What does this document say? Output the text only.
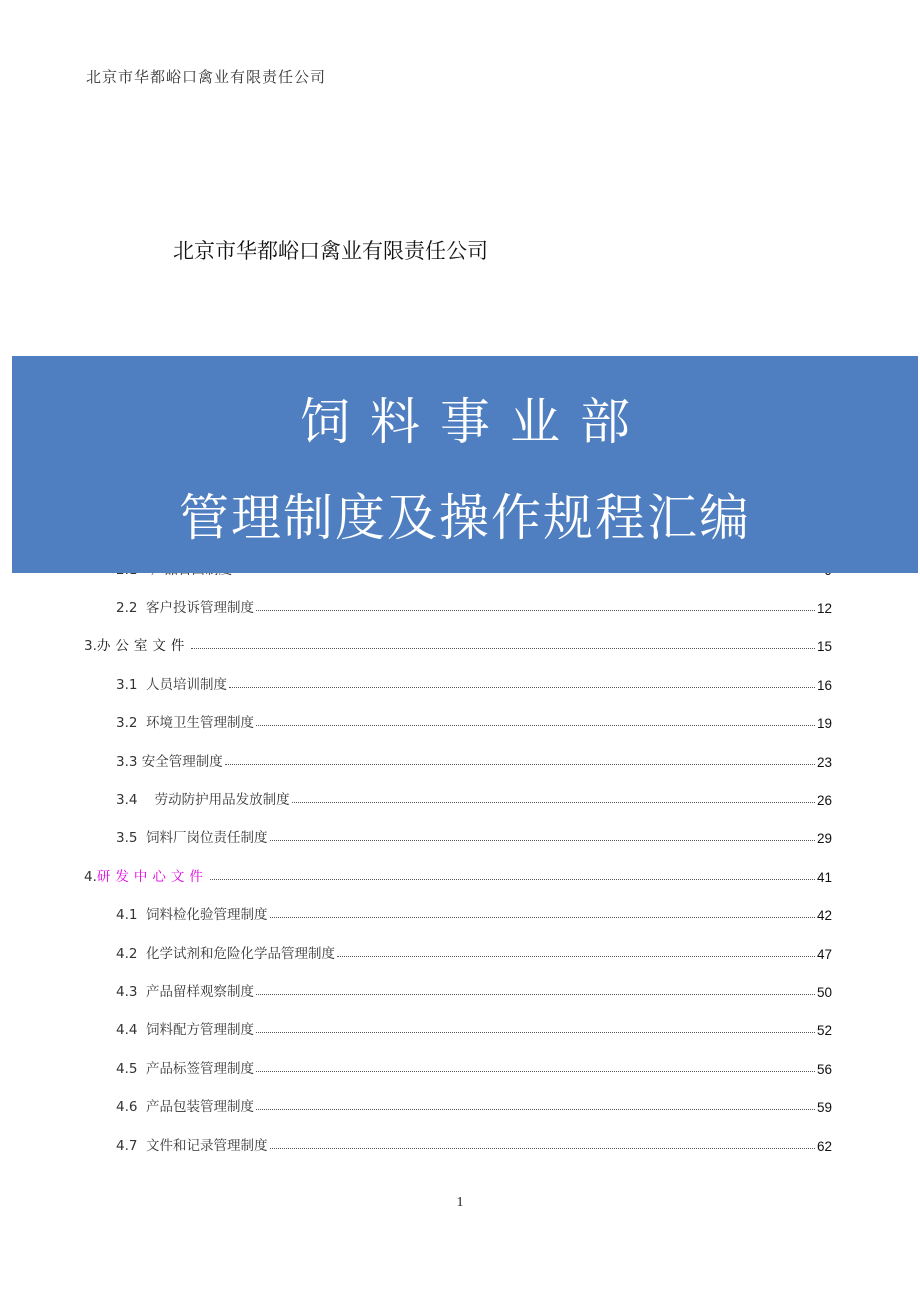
北京市华都峪口禽业有限责任公司
北京市华都峪口禽业有限责任公司
2.2  客户投诉管理制度	12
3. 办公室文件	15
3.1  人员培训制度	16
3.2  环境卫生管理制度	19
3.3 安全管理制度	23
3.4    劳动防护用品发放制度	26
3.5  饲料厂岗位责任制度	29
4. 研发中心文件	41
4.1  饲料检化验管理制度	42
4.2  化学试剂和危险化学品管理制度	47
4.3  产品留样观察制度	50
4.4  饲料配方管理制度	52
4.5  产品标签管理制度	56
4.6  产品包装管理制度	59
4.7  文件和记录管理制度	62
饲料事业部
管理制度及操作规程汇编
1
